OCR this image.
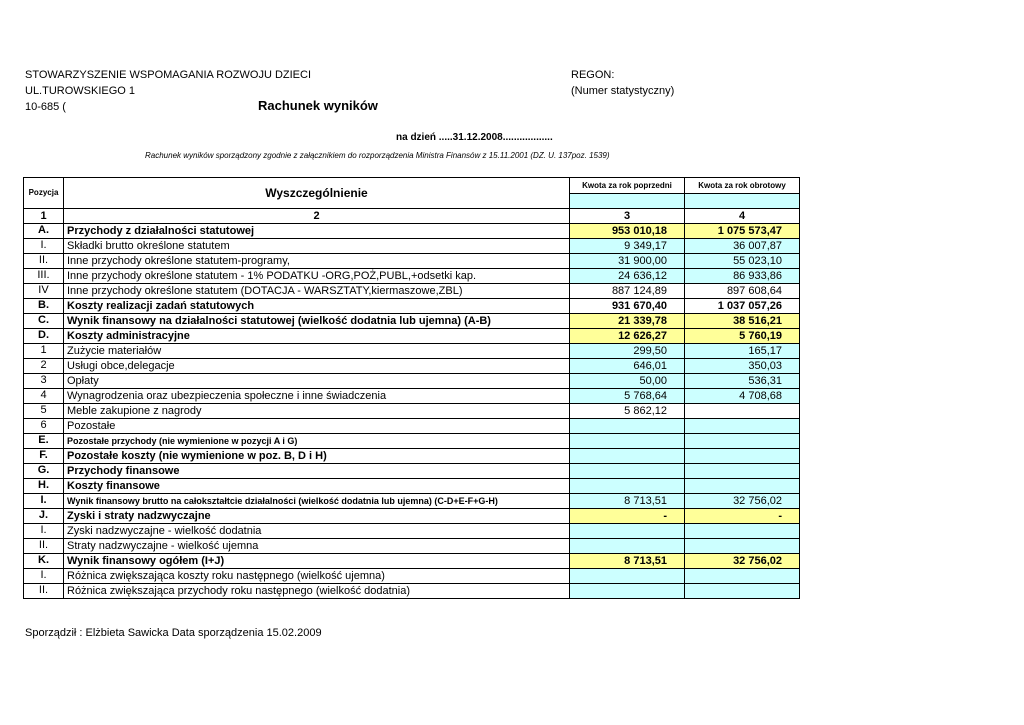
STOWARZYSZENIE WSPOMAGANIA ROZWOJU DZIECI
UL.TUROWSKIEGO 1
10-685 (
REGON:
(Numer statystyczny)
Rachunek wyników
na dzień .....31.12.2008..................
Rachunek wyników sporządzony zgodnie z załącznikiem do rozporządzenia Ministra Finansów z 15.11.2001 (DZ. U. 137poz. 1539)
Pozycja	Wyszczególnienie	Kwota za rok poprzedni	Kwota za rok obrotowy

1	2	3	4
A.	Przychody z działalności statutowej	953 010,18	1 075 573,47
I.	Składki brutto określone statutem	9 349,17	36 007,87
II.	Inne przychody określone statutem-programy,	31 900,00	55 023,10
III.	Inne przychody określone statutem - 1% PODATKU -ORG,POŻ,PUBL,+odsetki kap.	24 636,12	86 933,86
IV	Inne przychody określone statutem (DOTACJA - WARSZTATY,kiermaszowe,ZBL)	887 124,89	897 608,64
B.	Koszty realizacji zadań statutowych	931 670,40	1 037 057,26
C.	Wynik finansowy na działalności statutowej (wielkość dodatnia lub ujemna) (A-B)	21 339,78	38 516,21
D.	Koszty administracyjne	12 626,27	5 760,19
1	Zużycie materiałów	299,50	165,17
2	Usługi obce,delegacje	646,01	350,03
3	Opłaty	50,00	536,31
4	Wynagrodzenia oraz ubezpieczenia społeczne i inne świadczenia	5 768,64	4 708,68
5	Meble zakupione z nagrody	5 862,12	
6	Pozostałe		
E.	Pozostałe przychody (nie wymienione w pozycji A i G)		
F.	Pozostałe koszty (nie wymienione w poz. B, D i H)		
G.	Przychody finansowe		
H.	Koszty finansowe		
I.	Wynik finansowy brutto na całokształtcie działalności (wielkość dodatnia lub ujemna) (C-D+E-F+G-H)	8 713,51	32 756,02
J.	Zyski i straty nadzwyczajne	-	-
I.	Zyski nadzwyczajne - wielkość dodatnia		
II.	Straty nadzwyczajne - wielkość ujemna		
K.	Wynik finansowy ogółem (I+J)	8 713,51	32 756,02
I.	Różnica zwiększająca koszty roku następnego (wielkość ujemna)		
II.	Różnica zwiększająca przychody roku następnego (wielkość dodatnia)		
Sporządził : Elżbieta Sawicka Data sporządzenia 15.02.2009
